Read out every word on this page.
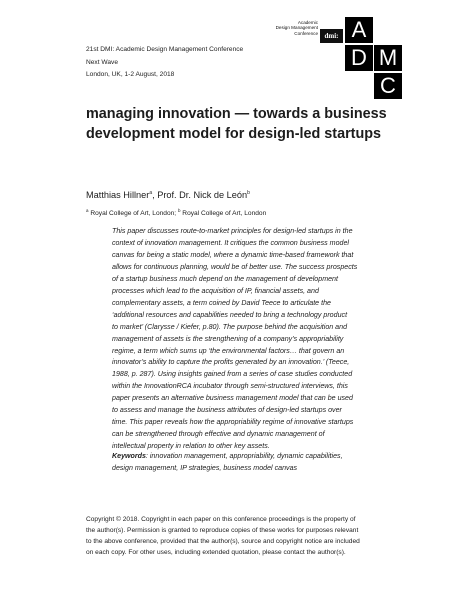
21st DMI: Academic Design Management Conference
Next Wave
London, UK, 1-2 August, 2018
Academic
Design Management
Conference dmi: A
D M
C
managing innovation — towards a business development model for design-led startups
Matthias Hillner$^a$, Prof. Dr. Nick de León$^b$
$^a$ Royal College of Art, London; $^b$ Royal College of Art, London
This paper discusses route-to-market principles for design-led startups in the
context of innovation management. It critiques the common business model
canvas for being a static model, where a dynamic time-based framework that
allows for continuous planning, would be of better use. The success prospects
of a startup business much depend on the management of development
processes which lead to the acquisition of IP, financial assets, and
complementary assets, a term coined by David Teece to articulate the
‘additional resources and capabilities needed to bring a technology product
to market’ (Clarysse / Kiefer, p.80). The purpose behind the acquisition and
management of assets is the strengthening of a company’s appropriability
regime, a term which sums up ‘the environmental factors… that govern an
innovator’s ability to capture the profits generated by an innovation.’ (Teece,
1988, p. 287). Using insights gained from a series of case studies conducted
within the InnovationRCA incubator through semi-structured interviews, this
paper presents an alternative business management model that can be used
to assess and manage the business attributes of design-led startups over
time. This paper reveals how the appropriability regime of innovative startups
can be strengthened through effective and dynamic management of
intellectual property in relation to other key assets.
Keywords: innovation management, appropriability, dynamic capabilities,
design management, IP strategies, business model canvas
Copyright © 2018. Copyright in each paper on this conference proceedings is the property of
the author(s). Permission is granted to reproduce copies of these works for purposes relevant
to the above conference, provided that the author(s), source and copyright notice are included
on each copy. For other uses, including extended quotation, please contact the author(s).
